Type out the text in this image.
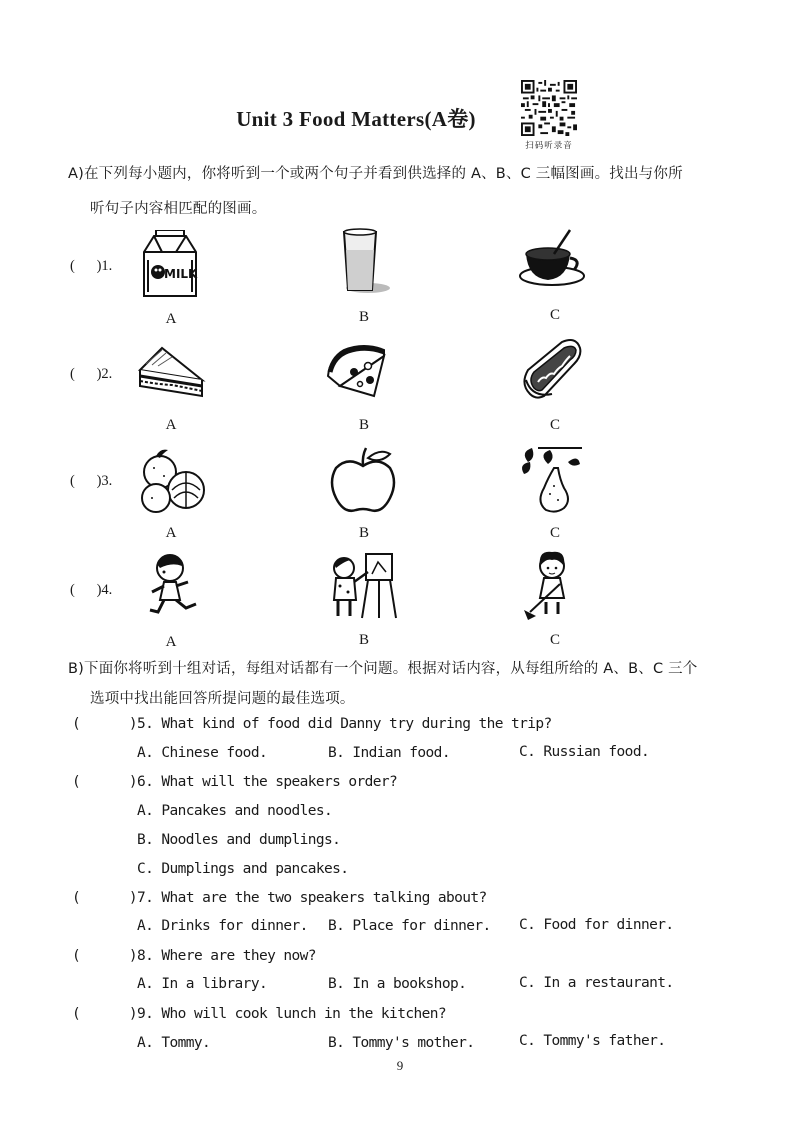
Unit 3 Food Matters(A卷)
扫码听录音
A)在下列每小题内，你将听到一个或两个句子并看到供选择的 A、B、C 三幅图画。找出与你所
听句子内容相匹配的图画。
(      )1.	MILK
A	B	C
(      )2.
A	B	C
(      )3.
A	B	C
(      )4.
A	B	C
B)下面你将听到十组对话，每组对话都有一个问题。根据对话内容，从每组所给的 A、B、C 三个
选项中找出能回答所提问题的最佳选项。
(      )5. What kind of food did Danny try during the trip?
A. Chinese food.	B. Indian food.	C. Russian food.
(      )6. What will the speakers order?
A. Pancakes and noodles.
B. Noodles and dumplings.
C. Dumplings and pancakes.
(      )7. What are the two speakers talking about?
A. Drinks for dinner. B. Place for dinner. C. Food for dinner.
(      )8. Where are they now?
A. In a library.	B. In a bookshop.	C. In a restaurant.
(      )9. Who will cook lunch in the kitchen?
A. Tommy.	B. Tommy's mother.	C. Tommy's father.
9
